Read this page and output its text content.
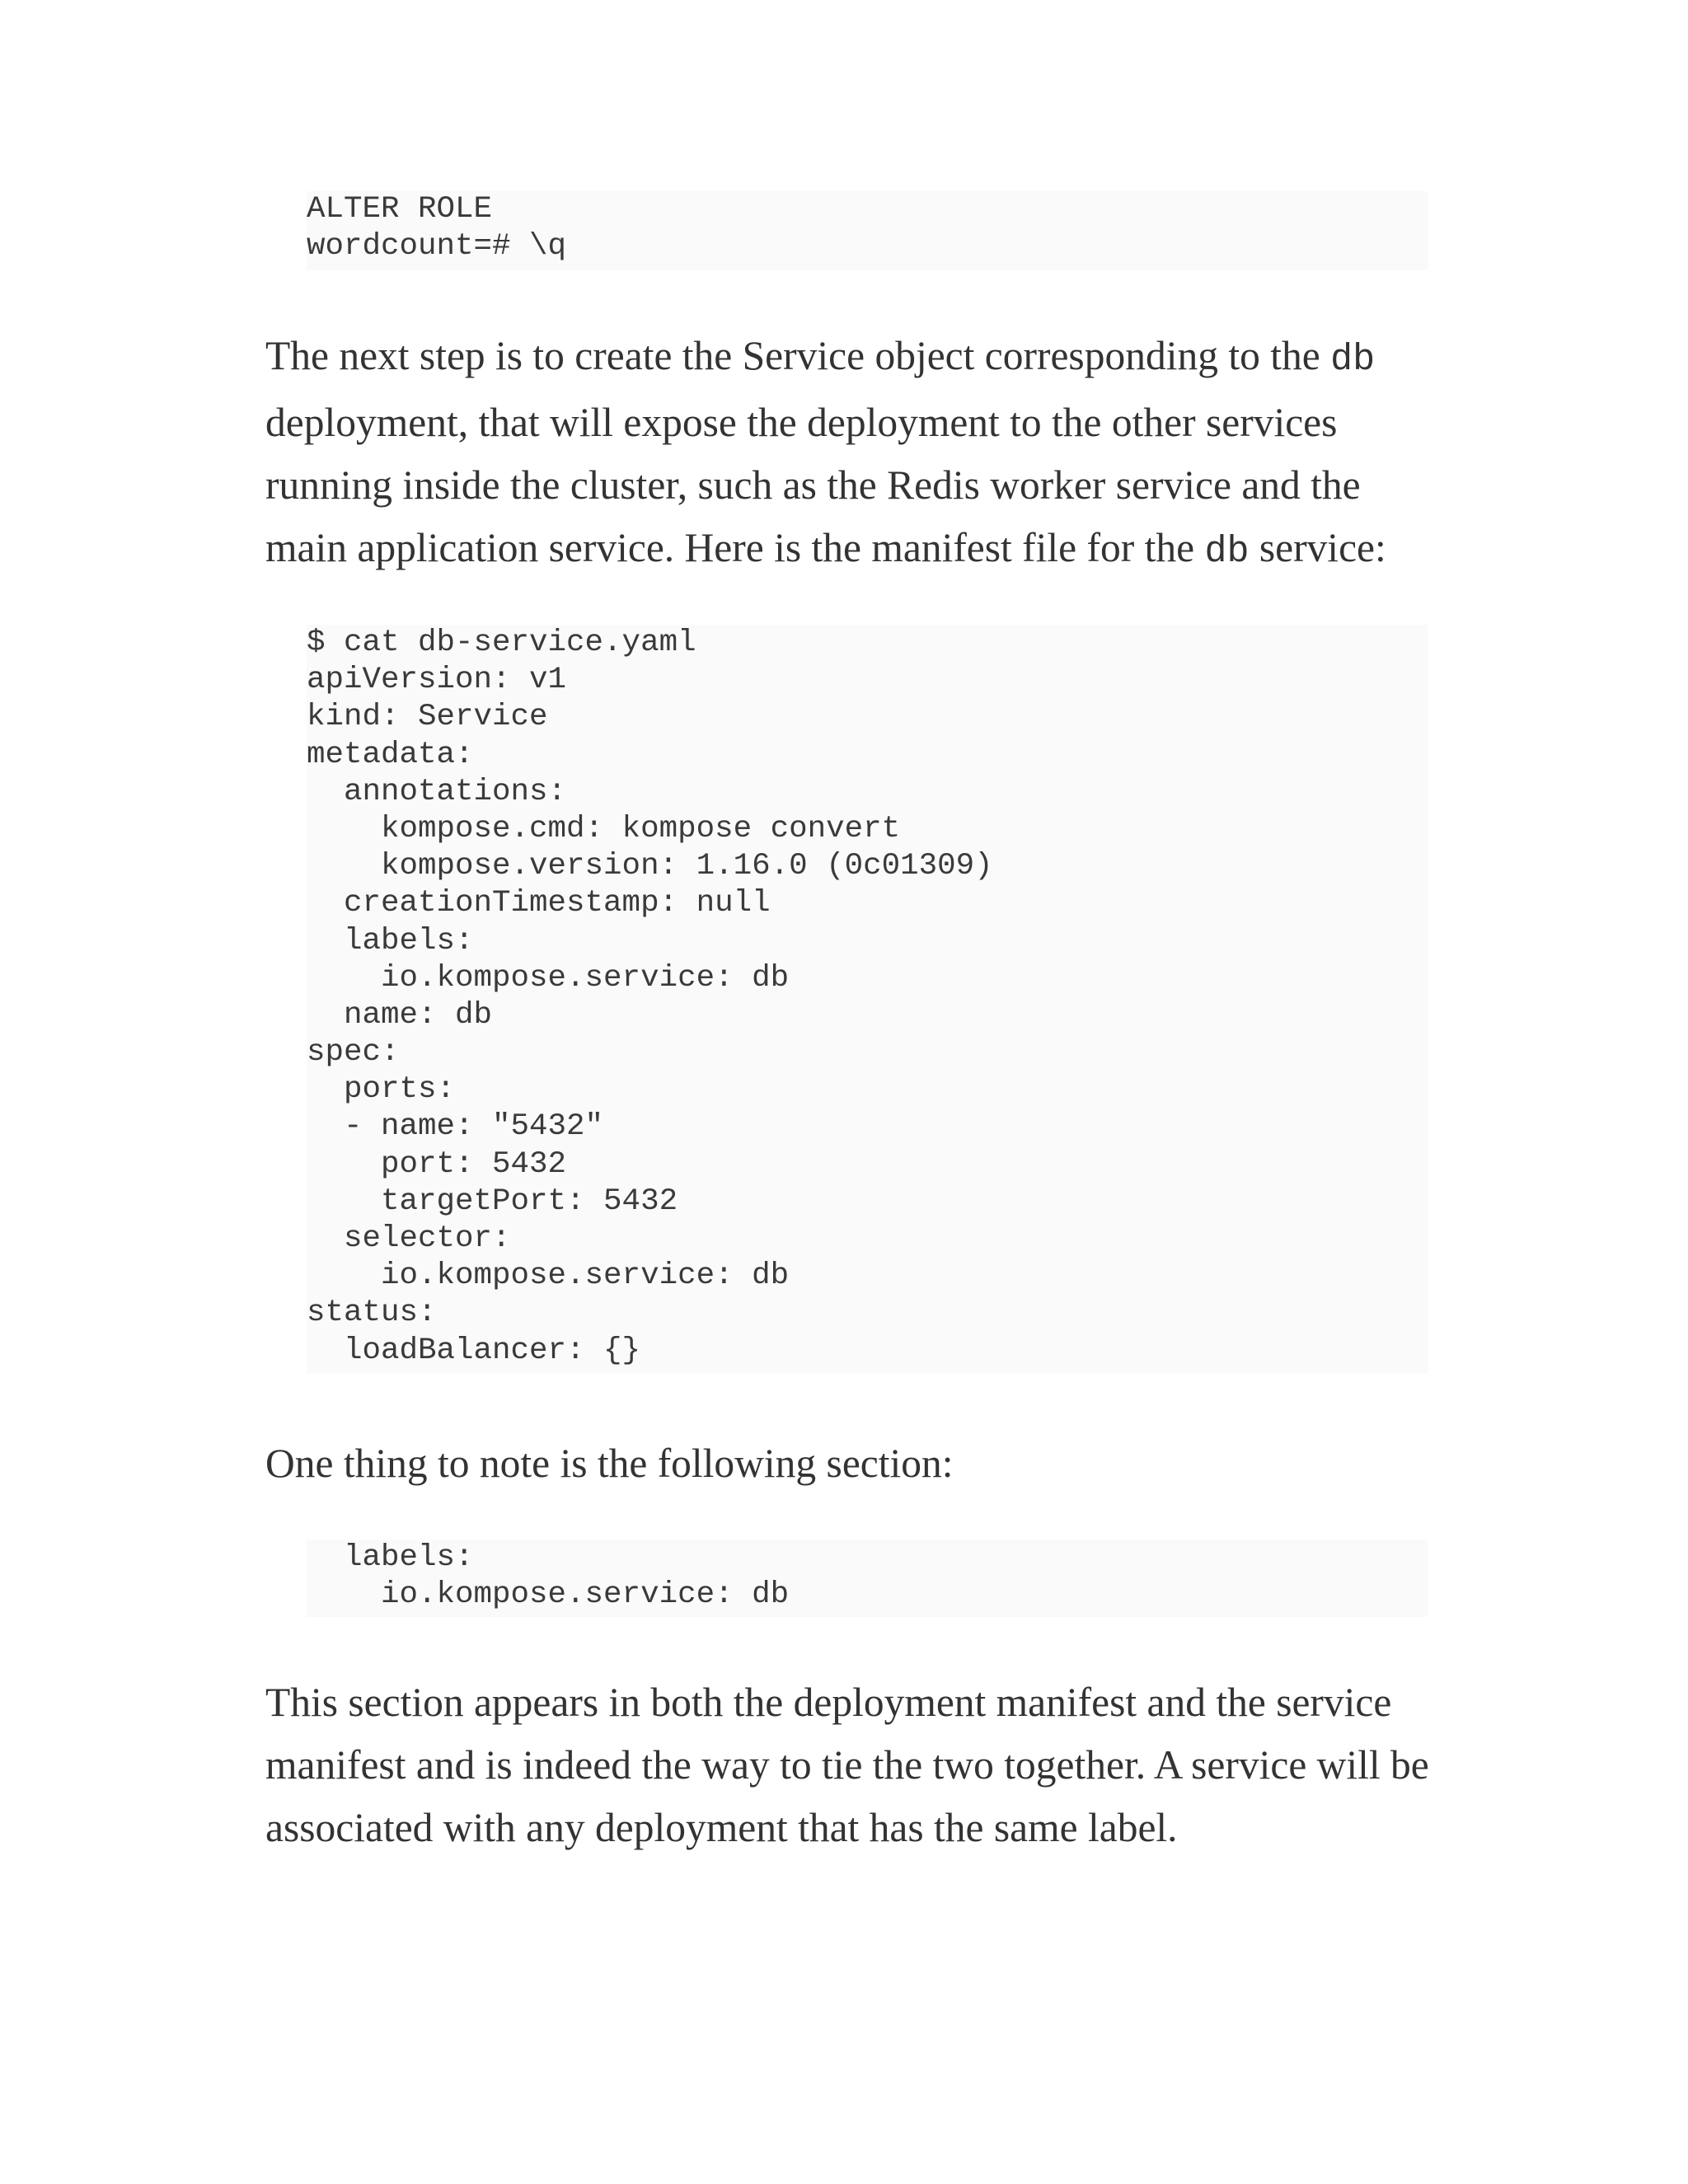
ALTER ROLE
wordcount=# \q

The next step is to create the Service object corresponding to the db deployment, that will expose the deployment to the other services running inside the cluster, such as the Redis worker service and the main application service. Here is the manifest file for the db service:

$ cat db-service.yaml
apiVersion: v1
kind: Service
metadata:
annotations:
kompose.cmd: kompose convert
kompose.version: 1.16.0 (0c01309)
creationTimestamp: null
labels:
io.kompose.service: db
name: db
spec:
ports:
- name: "5432"
port: 5432
targetPort: 5432
selector:
io.kompose.service: db
status:
loadBalancer: {}

One thing to note is the following section:

labels:
io.kompose.service: db

This section appears in both the deployment manifest and the service manifest and is indeed the way to tie the two together. A service will be associated with any deployment that has the same label.
